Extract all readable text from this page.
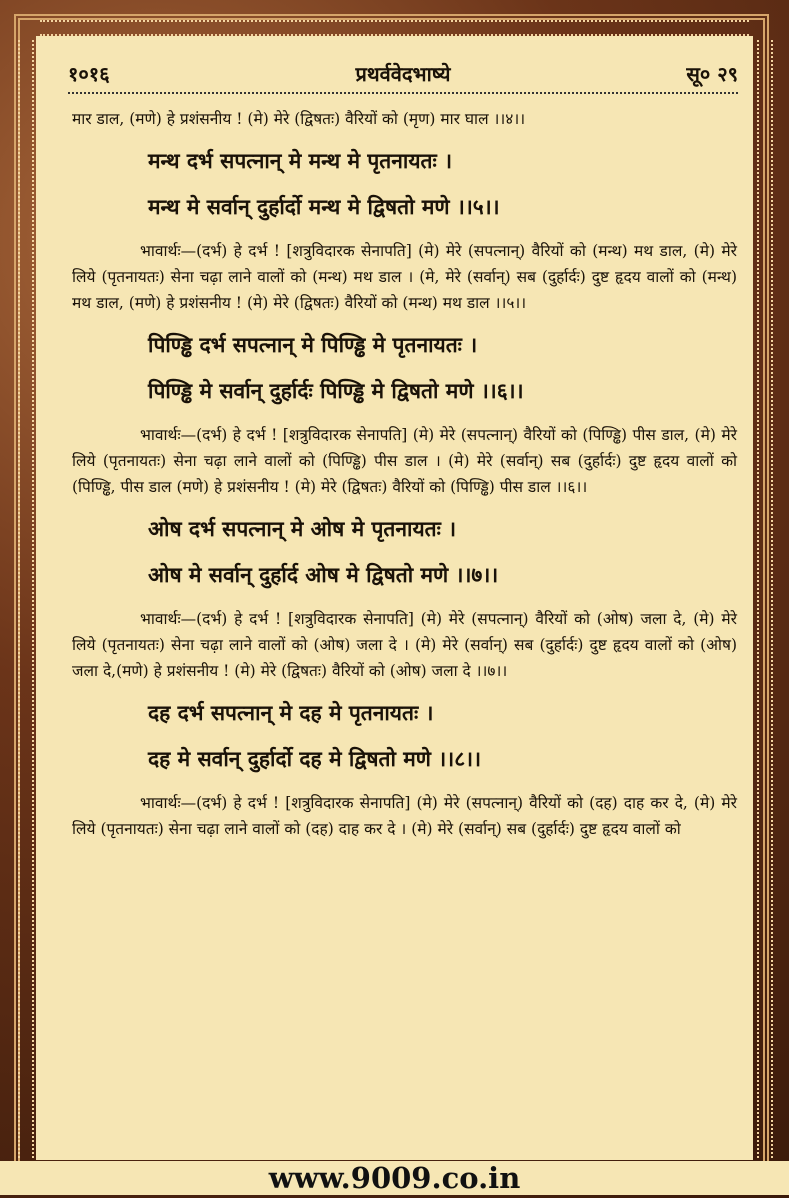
प्रथर्ववेदभाष्ये
१०१६	सू० २९

मार डाल, (मणे) हे प्रशंसनीय ! (मे) मेरे (द्विषतः) वैरियों को (मृण) मार घाल ।।४।।

मन्थ दर्भ सपत्नान् मे मन्थ मे पृतनायतः ।
मन्थ मे सर्वान् दुर्हार्दो मन्थ मे द्विषतो मणे ।।५।।

भावार्थः—(दर्भ) हे दर्भ ! [शत्रुविदारक सेनापति] (मे) मेरे (सपत्नान्) वैरियों को (मन्थ) मथ डाल, (मे) मेरे लिये (पृतनायतः) सेना चढ़ा लाने वालों को (मन्थ) मथ डाल । (मे, मेरे (सर्वान्) सब (दुर्हार्दः) दुष्ट हृदय वालों को (मन्थ) मथ डाल, (मणे) हे प्रशंसनीय ! (मे) मेरे (द्विषतः) वैरियों को (मन्थ) मथ डाल ।।५।।

पिण्ड्ढि दर्भ सपत्नान् मे पिण्ड्ढि मे पृतनायतः ।
पिण्ड्ढि मे सर्वान् दुर्हार्दः पिण्ड्ढि मे द्विषतो मणे ।।६।।

भावार्थः—(दर्भ) हे दर्भ ! [शत्रुविदारक सेनापति] (मे) मेरे (सपत्नान्) वैरियों को (पिण्ड्ढि) पीस डाल, (मे) मेरे लिये (पृतनायतः) सेना चढ़ा लाने वालों को (पिण्ड्ढि) पीस डाल । (मे) मेरे (सर्वान्) सब (दुर्हार्दः) दुष्ट हृदय वालों को (पिण्ड्ढि, पीस डाल (मणे) हे प्रशंसनीय ! (मे) मेरे (द्विषतः) वैरियों को (पिण्ड्ढि) पीस डाल ।।६।।

ओष दर्भ सपत्नान् मे ओष मे पृतनायतः ।
ओष मे सर्वान् दुर्हार्द ओष मे द्विषतो मणे ।।७।।

भावार्थः—(दर्भ) हे दर्भ ! [शत्रुविदारक सेनापति] (मे) मेरे (सपत्नान्) वैरियों को (ओष) जला दे, (मे) मेरे लिये (पृतनायतः) सेना चढ़ा लाने वालों को (ओष) जला दे । (मे) मेरे (सर्वान्) सब (दुर्हार्दः) दुष्ट हृदय वालों को (ओष) जला दे,(मणे) हे प्रशंसनीय ! (मे) मेरे (द्विषतः) वैरियों को (ओष) जला दे ।।७।।

दह दर्भ सपत्नान् मे दह मे पृतनायतः ।
दह मे सर्वान् दुर्हार्दो दह मे द्विषतो मणे ।।८।।

भावार्थः—(दर्भ) हे दर्भ ! [शत्रुविदारक सेनापति] (मे) मेरे (सपत्नान्) वैरियों को (दह) दाह कर दे, (मे) मेरे लिये (पृतनायतः) सेना चढ़ा लाने वालों को (दह) दाह कर दे । (मे) मेरे (सर्वान्) सब (दुर्हार्दः) दुष्ट हृदय वालों को

www.9009.co.in
